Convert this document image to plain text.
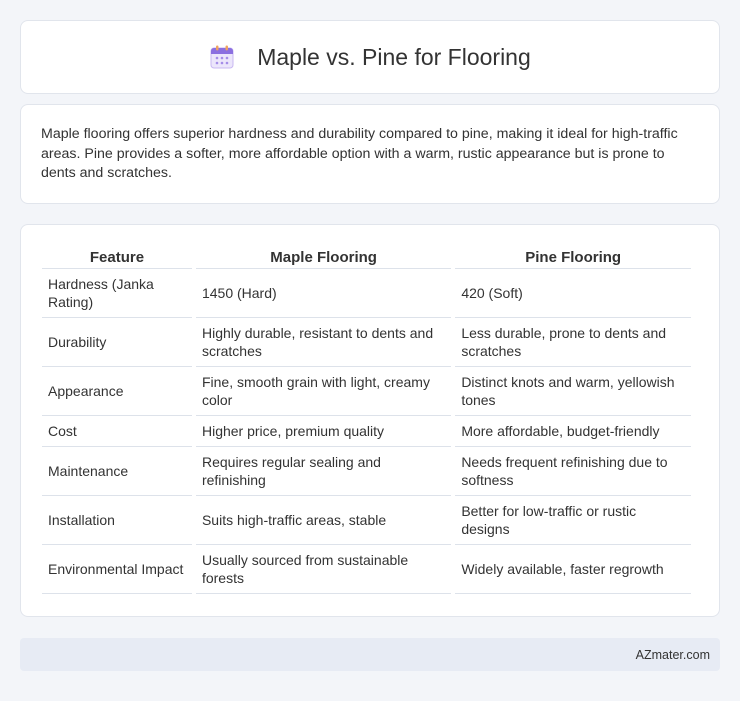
Maple vs. Pine for Flooring

Maple flooring offers superior hardness and durability compared to pine, making it ideal for high-traffic areas. Pine provides a softer, more affordable option with a warm, rustic appearance but is prone to dents and scratches.

Feature	Maple Flooring	Pine Flooring
Hardness (Janka Rating)	1450 (Hard)	420 (Soft)
Durability	Highly durable, resistant to dents and scratches	Less durable, prone to dents and scratches
Appearance	Fine, smooth grain with light, creamy color	Distinct knots and warm, yellowish tones
Cost	Higher price, premium quality	More affordable, budget-friendly
Maintenance	Requires regular sealing and refinishing	Needs frequent refinishing due to softness
Installation	Suits high-traffic areas, stable	Better for low-traffic or rustic designs
Environmental Impact	Usually sourced from sustainable forests	Widely available, faster regrowth
AZmater.com
